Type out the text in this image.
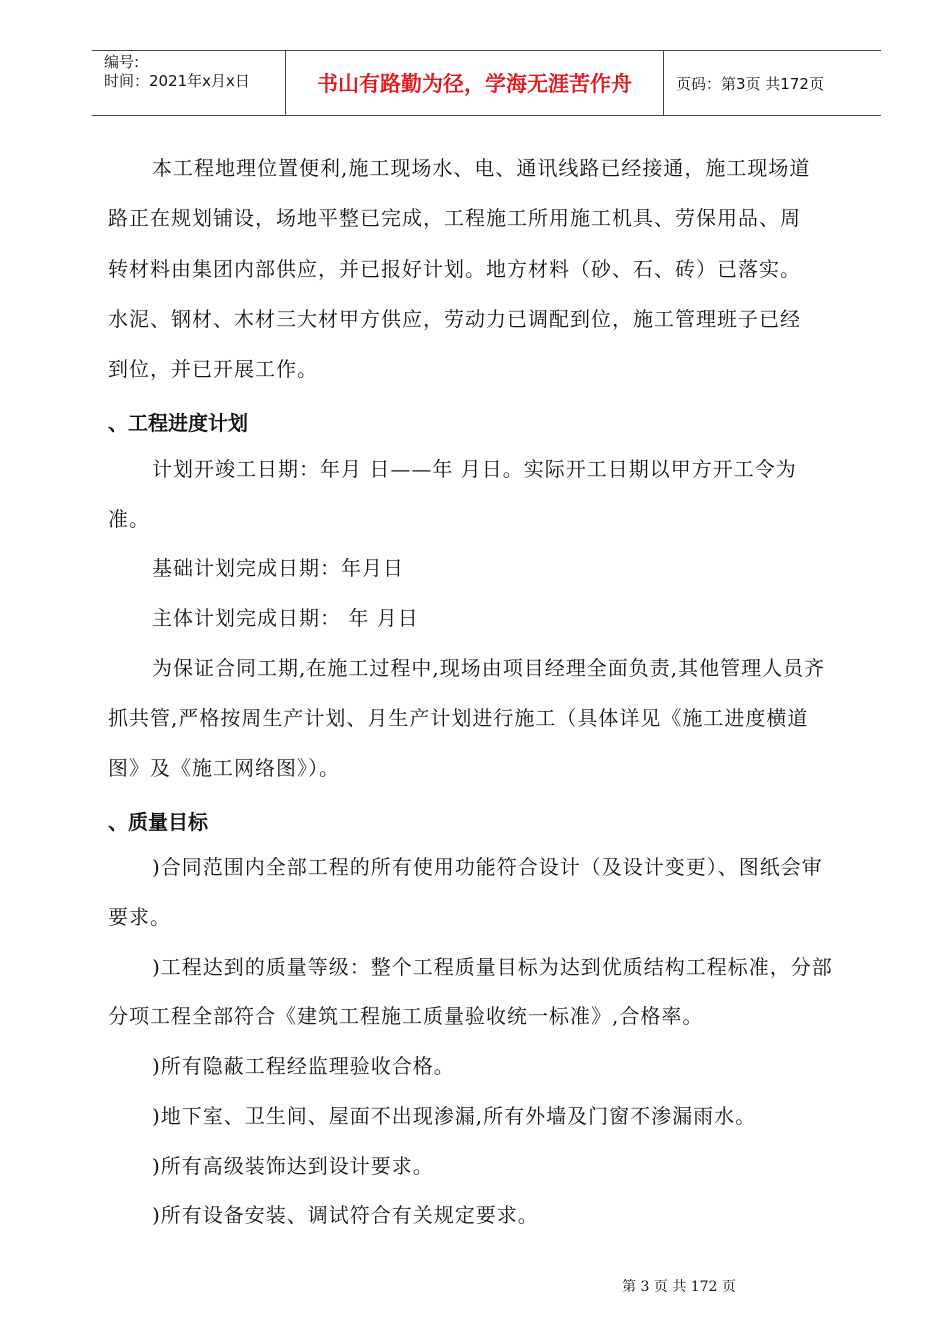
编号:
时间：2021年x月x日	书山有路勤为径，学海无涯苦作舟	页码：第3页 共172页

本工程地理位置便利,施工现场水、电、通讯线路已经接通，施工现场道

路正在规划铺设，场地平整已完成，工程施工所用施工机具、劳保用品、周

转材料由集团内部供应，并已报好计划。地方材料（砂、石、砖）已落实。

水泥、钢材、木材三大材甲方供应，劳动力已调配到位，施工管理班子已经

到位，并已开展工作。

、工程进度计划

计划开竣工日期：年月 日——年 月日。实际开工日期以甲方开工令为

准。

基础计划完成日期：年月日

主体计划完成日期： 年 月日

为保证合同工期,在施工过程中,现场由项目经理全面负责,其他管理人员齐

抓共管,严格按周生产计划、月生产计划进行施工（具体详见《施工进度横道

图》及《施工网络图》）。

、质量目标

)合同范围内全部工程的所有使用功能符合设计（及设计变更）、图纸会审

要求。

)工程达到的质量等级：整个工程质量目标为达到优质结构工程标准，分部

分项工程全部符合《建筑工程施工质量验收统一标准》,合格率。

)所有隐蔽工程经监理验收合格。

)地下室、卫生间、屋面不出现渗漏,所有外墙及门窗不渗漏雨水。

)所有高级装饰达到设计要求。

)所有设备安装、调试符合有关规定要求。

第 3 页 共 172 页
